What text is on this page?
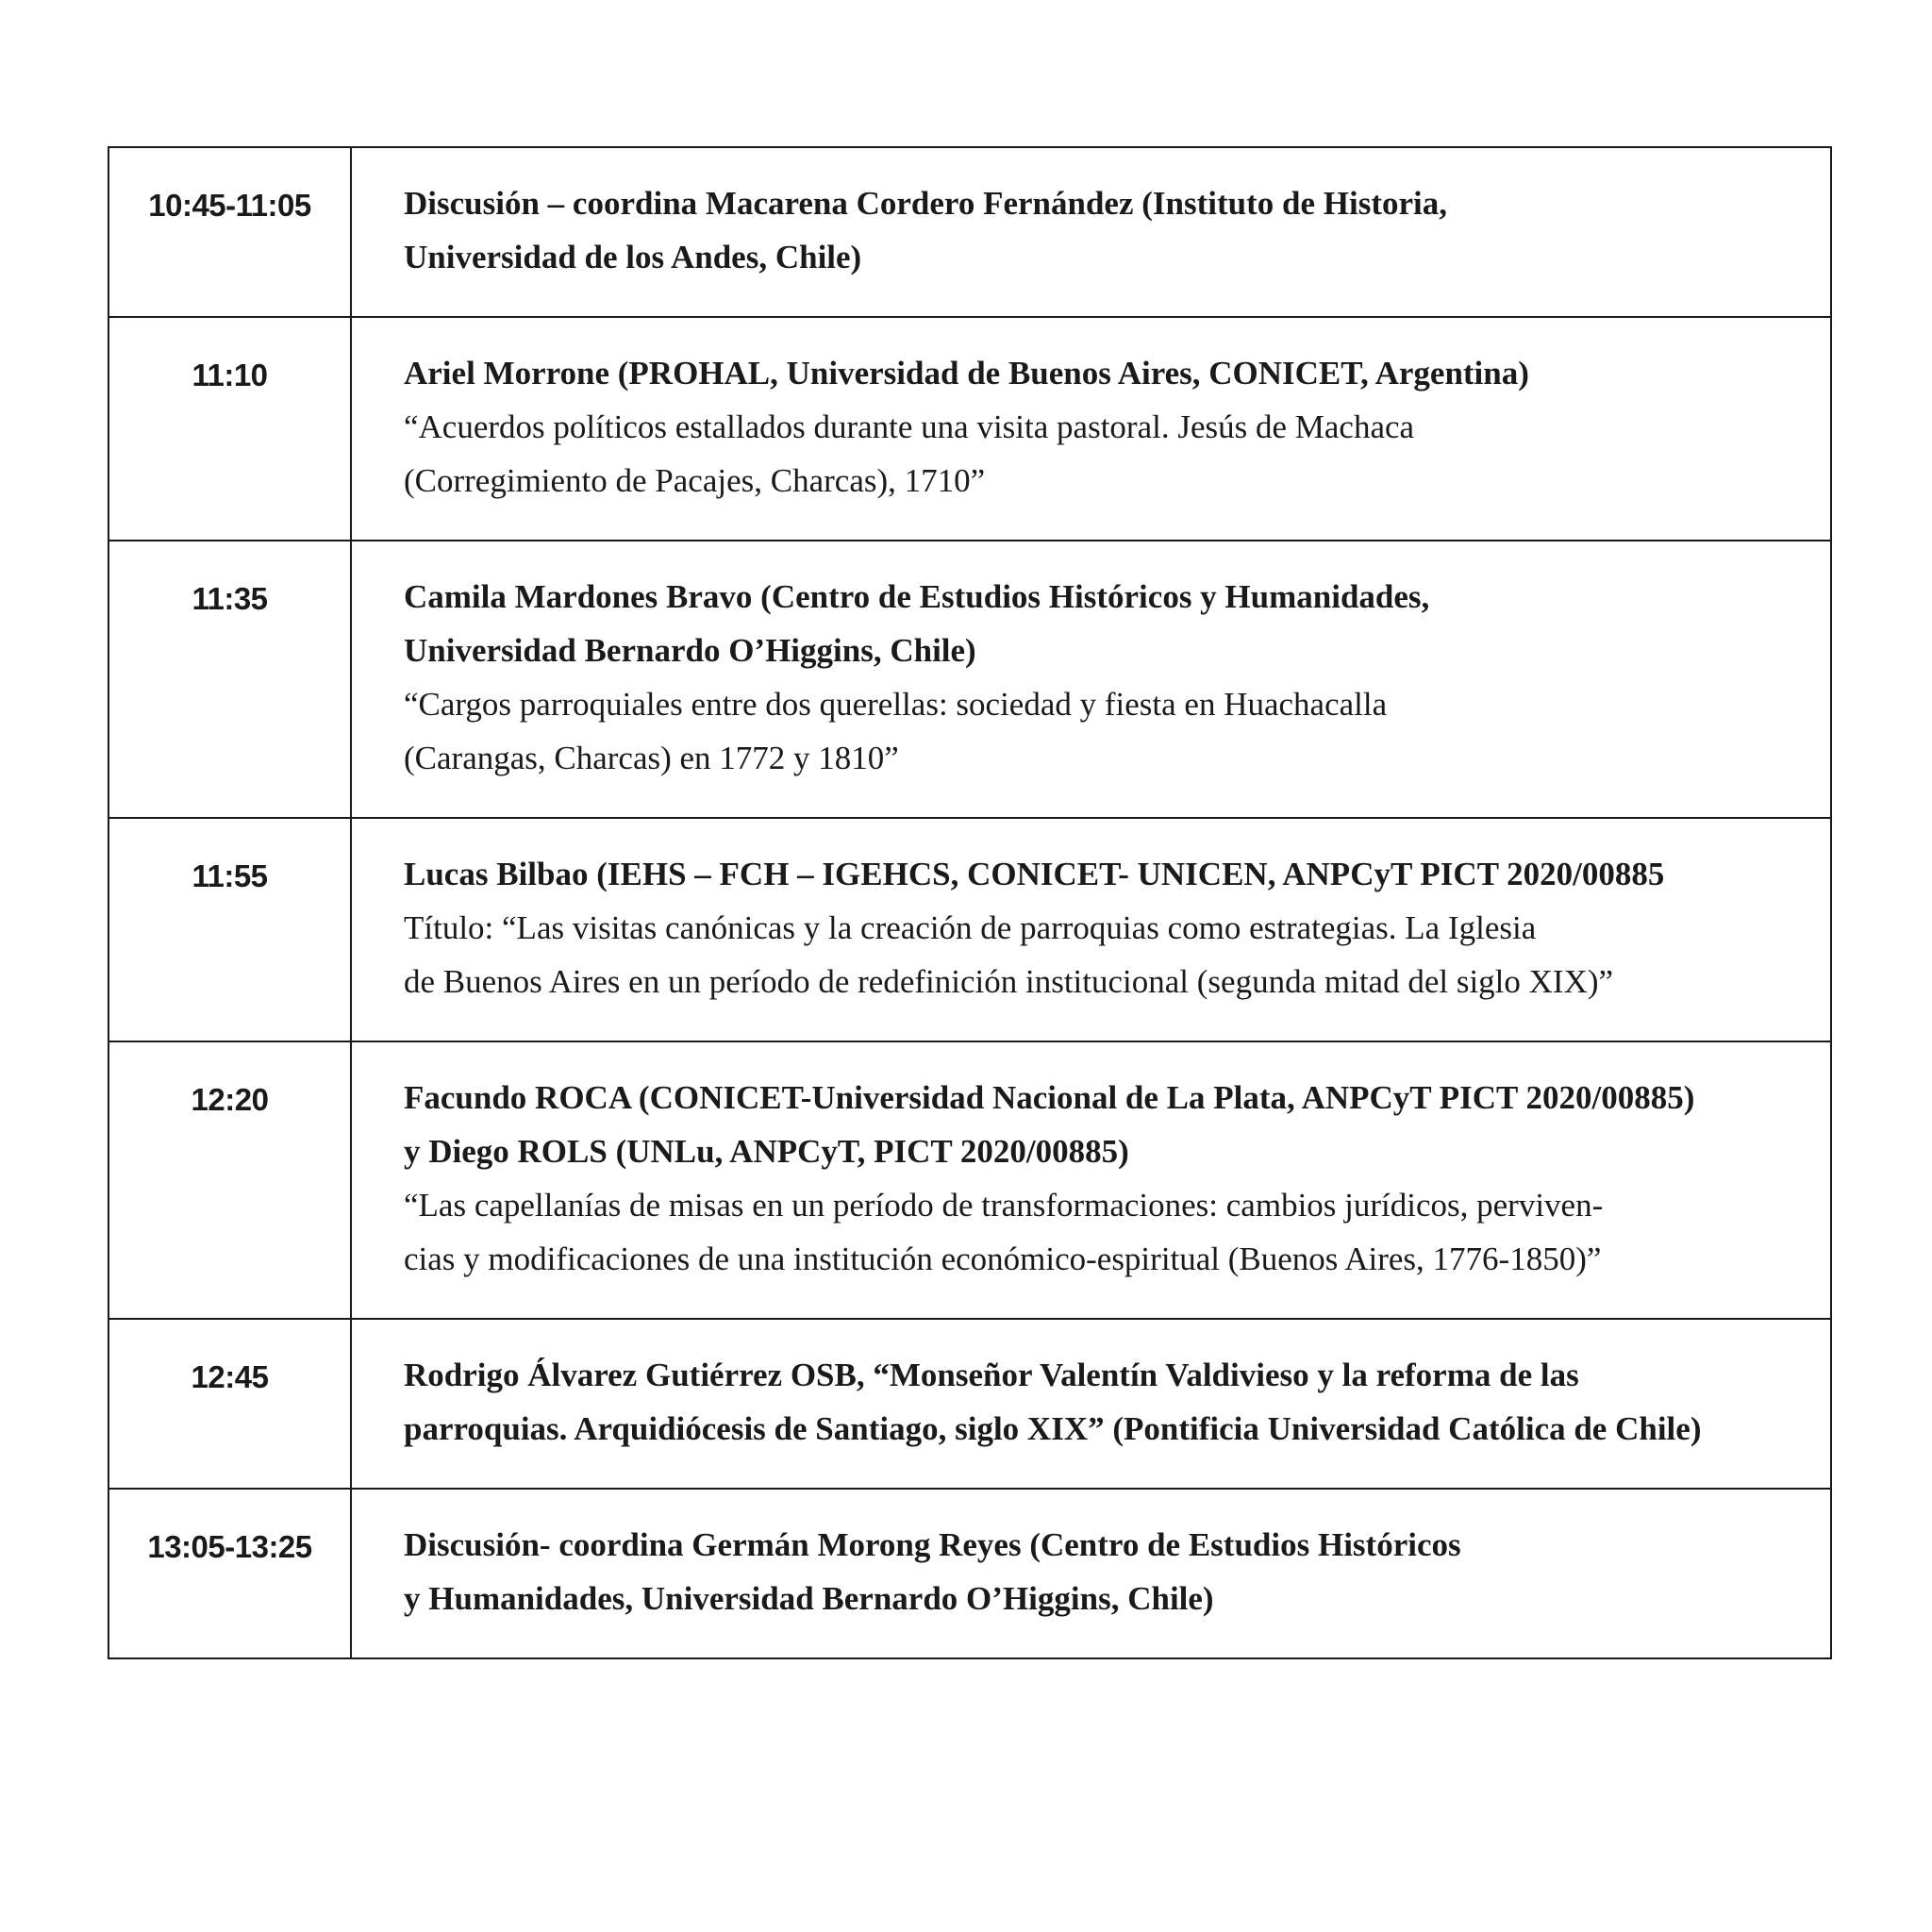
10:45-11:05	Discusión – coordina Macarena Cordero Fernández (Instituto de Historia,
Universidad de los Andes, Chile)

11:10	Ariel Morrone (PROHAL, Universidad de Buenos Aires, CONICET, Argentina)
“Acuerdos políticos estallados durante una visita pastoral. Jesús de Machaca
(Corregimiento de Pacajes, Charcas), 1710”

11:35	Camila Mardones Bravo (Centro de Estudios Históricos y Humanidades,
Universidad Bernardo O’Higgins, Chile)
“Cargos parroquiales entre dos querellas: sociedad y fiesta en Huachacalla
(Carangas, Charcas) en 1772 y 1810”

11:55	Lucas Bilbao (IEHS – FCH – IGEHCS, CONICET- UNICEN, ANPCyT PICT 2020/00885
Título: “Las visitas canónicas y la creación de parroquias como estrategias. La Iglesia
de Buenos Aires en un período de redefinición institucional (segunda mitad del siglo XIX)”

12:20	Facundo ROCA (CONICET-Universidad Nacional de La Plata, ANPCyT PICT 2020/00885)
y Diego ROLS (UNLu, ANPCyT, PICT 2020/00885)
“Las capellanías de misas en un período de transformaciones: cambios jurídicos, perviven-
cias y modificaciones de una institución económico-espiritual (Buenos Aires, 1776-1850)”

12:45	Rodrigo Álvarez Gutiérrez OSB, “Monseñor Valentín Valdivieso y la reforma de las
parroquias. Arquidiócesis de Santiago, siglo XIX” (Pontificia Universidad Católica de Chile)

13:05-13:25	Discusión- coordina Germán Morong Reyes (Centro de Estudios Históricos
y Humanidades, Universidad Bernardo O’Higgins, Chile)
